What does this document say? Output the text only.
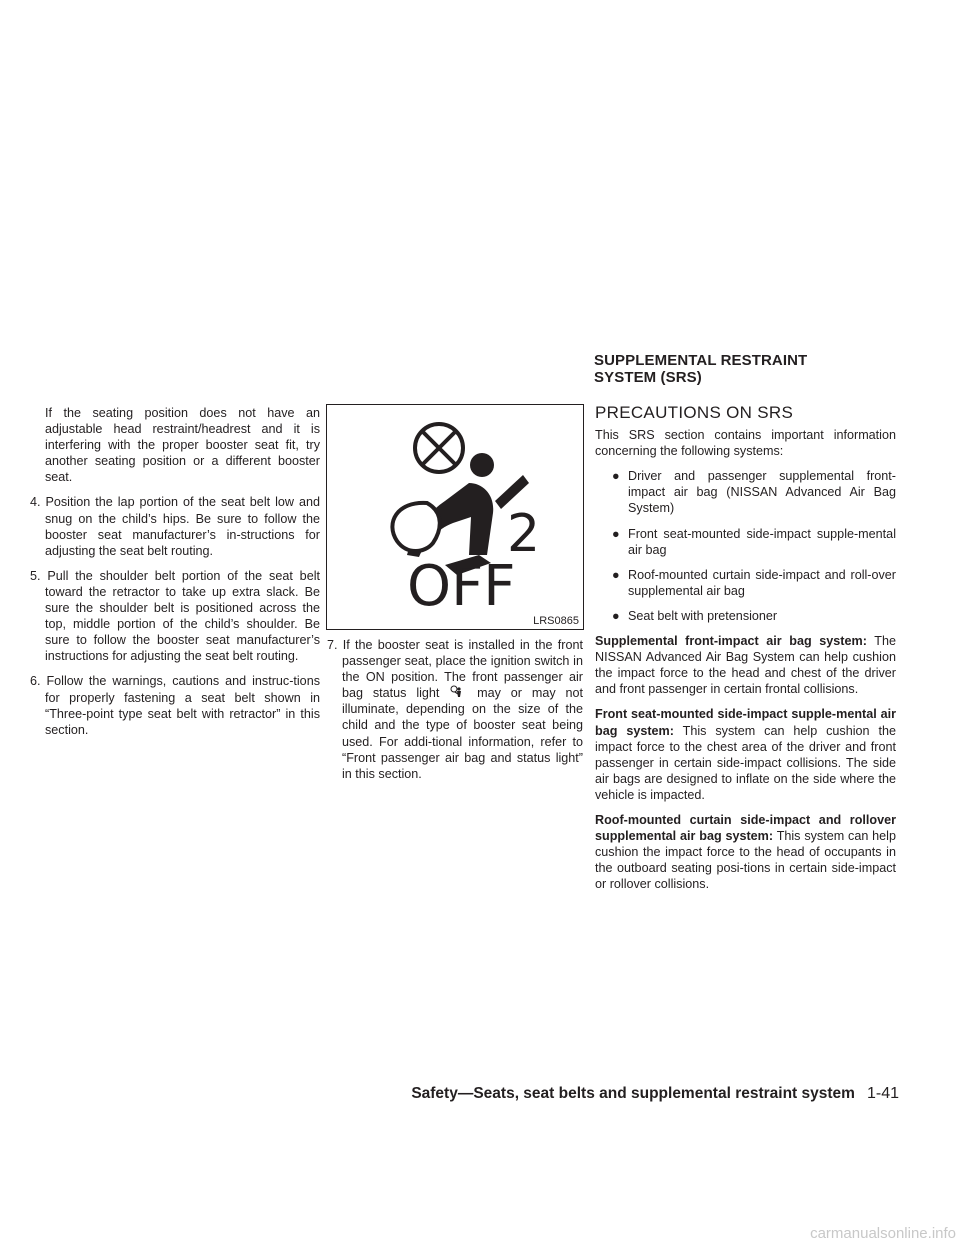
SUPPLEMENTAL RESTRAINT
SYSTEM (SRS)

If the seating position does not have an adjustable head restraint/headrest and it is interfering with the proper booster seat fit, try another seating position or a different booster seat.

4. Position the lap portion of the seat belt low and snug on the child’s hips. Be sure to follow the booster seat manufacturer’s in-structions for adjusting the seat belt routing.

5. Pull the shoulder belt portion of the seat belt toward the retractor to take up extra slack. Be sure the shoulder belt is positioned across the top, middle portion of the child’s shoulder. Be sure to follow the booster seat manufacturer’s instructions for adjusting the seat belt routing.

6. Follow the warnings, cautions and instruc-tions for properly fastening a seat belt shown in “Three-point type seat belt with retractor” in this section.

2
OFF
LRS0865

7. If the booster seat is installed in the front passenger seat, place the ignition switch in the ON position. The front passenger air bag status light	may or may not illuminate, depending on the size of the child and the type of booster seat being used. For addi-tional information, refer to “Front passenger air bag and status light” in this section.

PRECAUTIONS ON SRS

This SRS section contains important information concerning the following systems:

● Driver and passenger supplemental front-impact air bag (NISSAN Advanced Air Bag System)

● Front seat-mounted side-impact supple-mental air bag

● Roof-mounted curtain side-impact and roll-over supplemental air bag

● Seat belt with pretensioner

Supplemental front-impact air bag system: The NISSAN Advanced Air Bag System can help cushion the impact force to the head and chest of the driver and front passenger in certain frontal collisions.

Front seat-mounted side-impact supple-mental air bag system: This system can help cushion the impact force to the chest area of the driver and front passenger in certain side-impact collisions. The side air bags are designed to inflate on the side where the vehicle is impacted.

Roof-mounted curtain side-impact and rollover supplemental air bag system: This system can help cushion the impact force to the head of occupants in the outboard seating posi-tions in certain side-impact or rollover collisions.

Safety—Seats, seat belts and supplemental restraint system 1-41
carmanualsonline.info
